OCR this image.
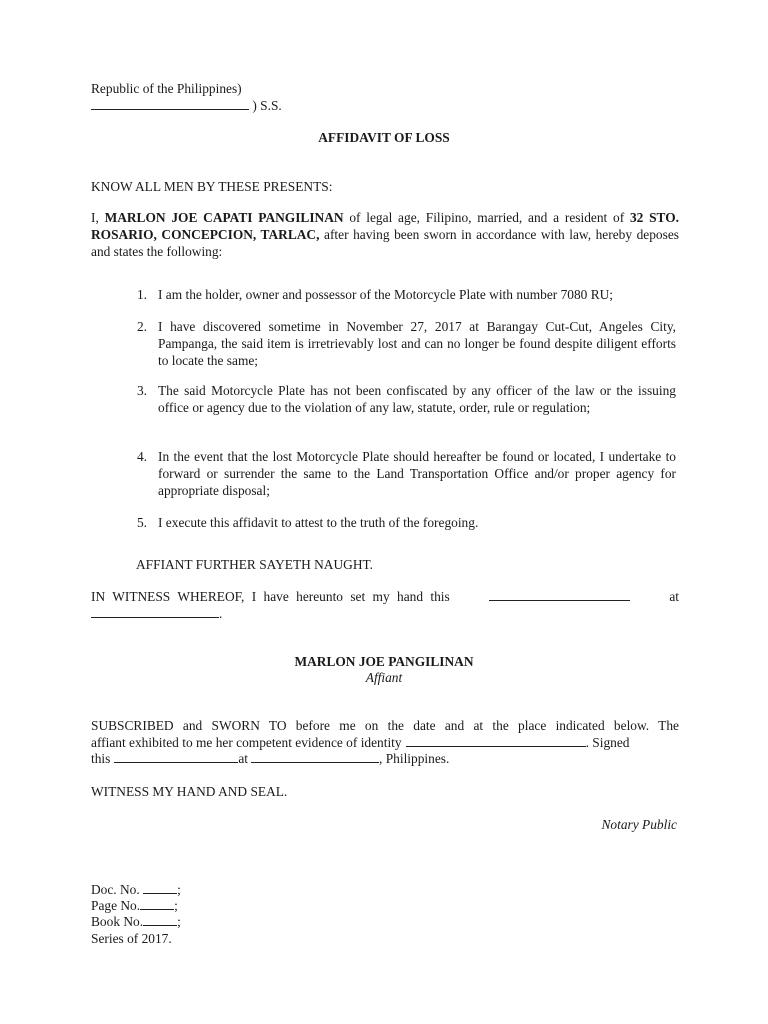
Republic of the Philippines)
) S.S.
AFFIDAVIT OF LOSS
KNOW ALL MEN BY THESE PRESENTS:
I, MARLON JOE CAPATI PANGILINAN of legal age, Filipino, married, and a resident of 32 STO. ROSARIO, CONCEPCION, TARLAC, after having been sworn in accordance with law, hereby deposes and states the following:
1. I am the holder, owner and possessor of the Motorcycle Plate with number 7080 RU;
2. I have discovered sometime in November 27, 2017 at Barangay Cut-Cut, Angeles City, Pampanga, the said item is irretrievably lost and can no longer be found despite diligent efforts to locate the same;
3. The said Motorcycle Plate has not been confiscated by any officer of the law or the issuing office or agency due to the violation of any law, statute, order, rule or regulation;
4. In the event that the lost Motorcycle Plate should hereafter be found or located, I undertake to forward or surrender the same to the Land Transportation Office and/or proper agency for appropriate disposal;
5. I execute this affidavit to attest to the truth of the foregoing.
AFFIANT FURTHER SAYETH NAUGHT.
IN WITNESS WHEREOF, I have hereunto set my hand this	at
.
MARLON JOE PANGILINAN
Affiant
SUBSCRIBED and SWORN TO before me on the date and at the place indicated below. The
affiant exhibited to me her competent evidence of identity	. Signed
this	at	, Philippines.
WITNESS MY HAND AND SEAL.
Notary Public
Doc. No.	;
Page No.	;
Book No.	;
Series of 2017.
